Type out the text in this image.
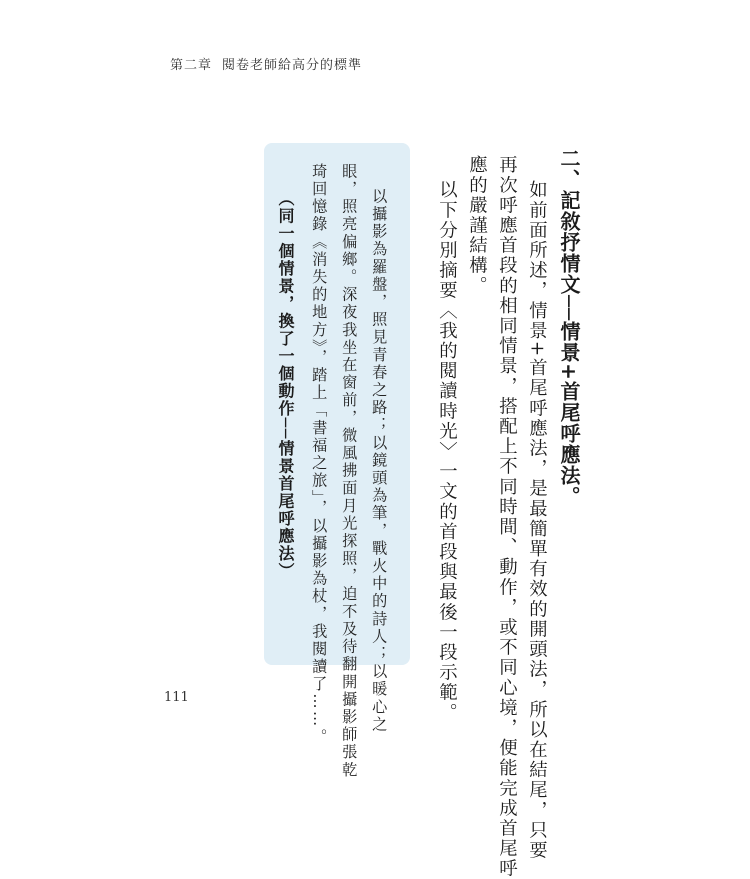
第二章 閱卷老師給高分的標準
二、記敘抒情文──情景+首尾呼應法。
如前面所述，情景+首尾呼應法，是最簡單有效的開頭法，所以在結尾，只要
再次呼應首段的相同情景，搭配上不同時間、動作，或不同心境，便能完成首尾呼
應的嚴謹結構。
以下分別摘要〈我的閱讀時光〉一文的首段與最後一段示範。
以攝影為羅盤，照見青春之路；以鏡頭為筆，戰火中的詩人；以暖心之
眼，照亮偏鄉。深夜我坐在窗前，微風拂面月光探照，迫不及待翻開攝影師張乾
琦回憶錄《消失的地方》，踏上「書福之旅」，以攝影為杖，我閱讀了……。
（同一個情景，換了一個動作──情景首尾呼應法）
111
